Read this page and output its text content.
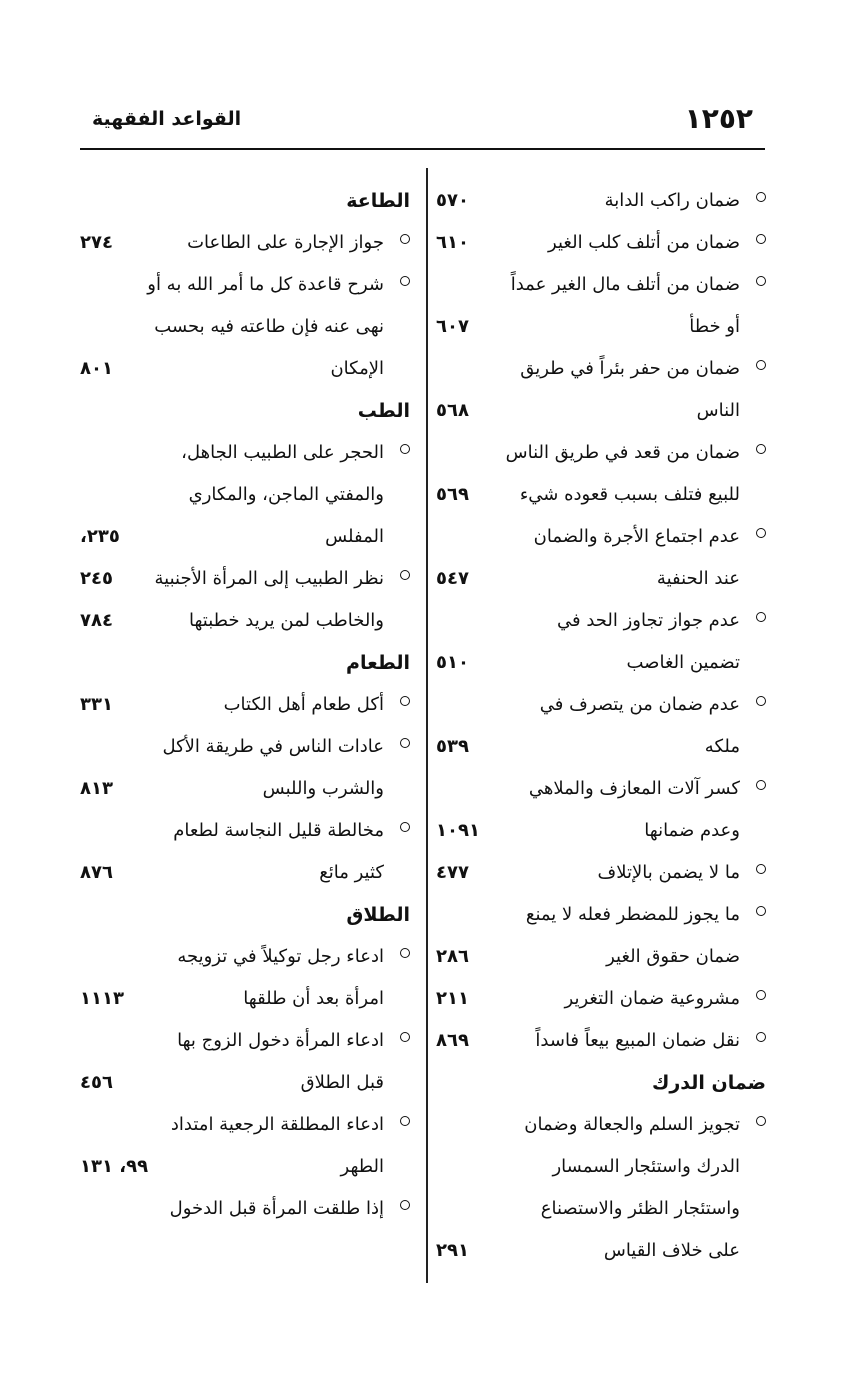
١٢٥٢
القواعد الفقهية
ضمان راكب الدابة
٥٧٠
ضمان من أتلف كلب الغير
٦١٠
ضمان من أتلف مال الغير عمداً
أو خطأ
٦٠٧
ضمان من حفر بئراً في طريق
الناس
٥٦٨
ضمان من قعد في طريق الناس
للبيع فتلف بسبب قعوده شيء
٥٦٩
عدم اجتماع الأجرة والضمان
عند الحنفية
٥٤٧
عدم جواز تجاوز الحد في
تضمين الغاصب
٥١٠
عدم ضمان من يتصرف في
ملكه
٥٣٩
كسر آلات المعازف والملاهي
وعدم ضمانها
١٠٩١
ما لا يضمن بالإتلاف
٤٧٧
ما يجوز للمضطر فعله لا يمنع
ضمان حقوق الغير
٢٨٦
مشروعية ضمان التغرير
٢١١
نقل ضمان المبيع بيعاً فاسداً
٨٦٩
ضمان الدرك
تجويز السلم والجعالة وضمان
الدرك واستئجار السمسار
واستئجار الظئر والاستصناع
على خلاف القياس
٢٩١
الطاعة
جواز الإجارة على الطاعات
٢٧٤
شرح قاعدة كل ما أمر الله به أو
نهى عنه فإن طاعته فيه بحسب
الإمكان
٨٠١
الطب
الحجر على الطبيب الجاهل،
والمفتي الماجن، والمكاري
المفلس
٢٣٥، ٢٤٥	نظر الطبيب إلى المرأة الأجنبية
والخاطب لمن يريد خطبتها
٧٨٤
الطعام
أكل طعام أهل الكتاب
٣٣١
عادات الناس في طريقة الأكل
والشرب واللبس
٨١٣
مخالطة قليل النجاسة لطعام
كثير مائع
٨٧٦
الطلاق
ادعاء رجل توكيلاً في تزويجه
امرأة بعد أن طلقها
١١١٣
ادعاء المرأة دخول الزوج بها
قبل الطلاق
٤٥٦
ادعاء المطلقة الرجعية امتداد
الطهر
٩٩، ١٣١
إذا طلقت المرأة قبل الدخول
